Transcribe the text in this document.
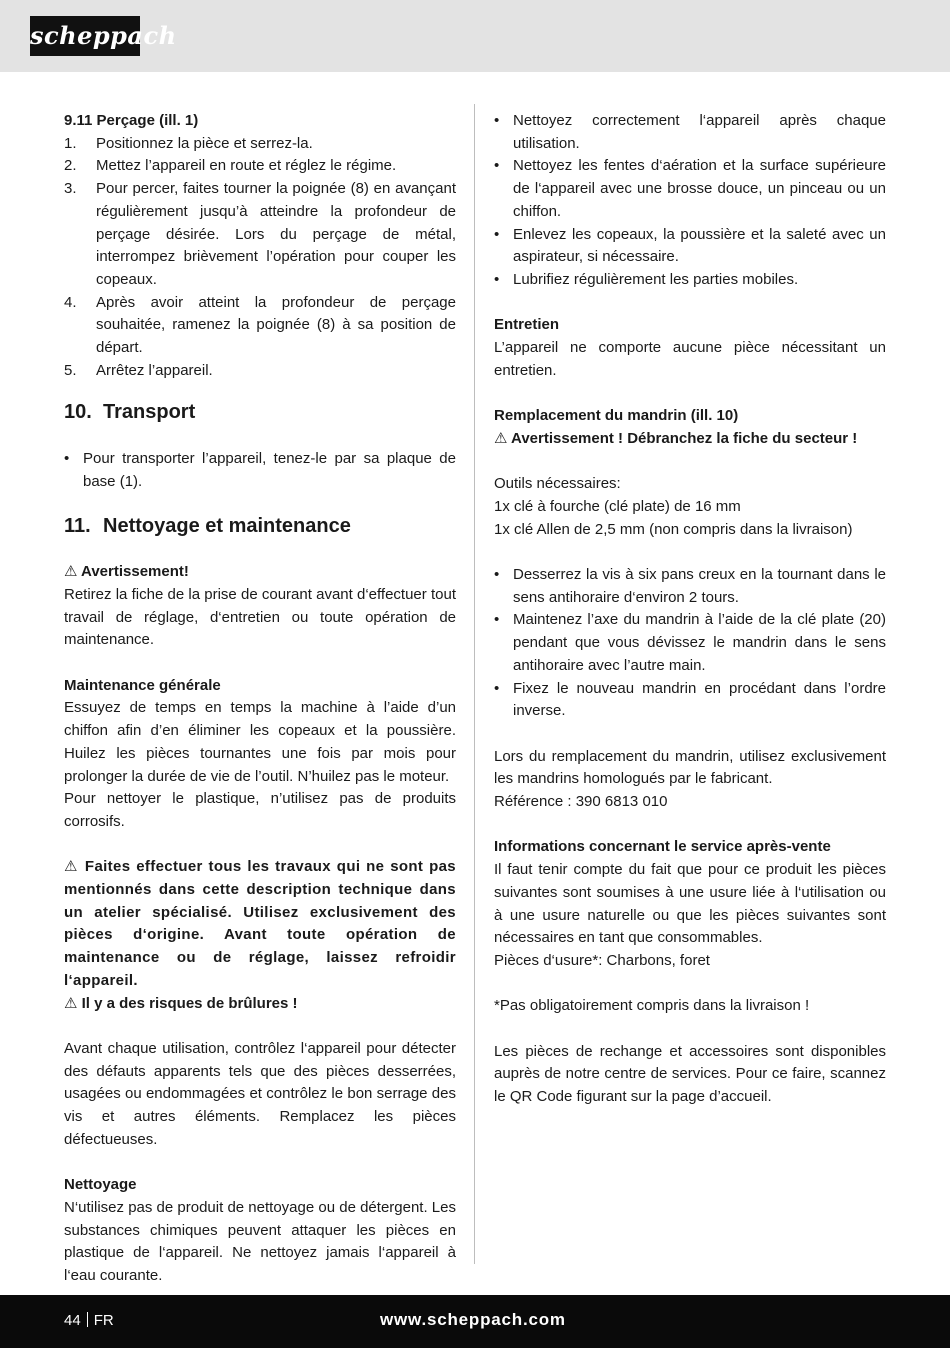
scheppach

9.11 Perçage (ill. 1)

1. Positionnez la pièce et serrez-la.
2. Mettez l’appareil en route et réglez le régime.
3. Pour percer, faites tourner la poignée (8) en avançant régulièrement jusqu’à atteindre la profondeur de perçage désirée. Lors du perçage de métal, interrompez brièvement l’opération pour couper les copeaux.
4. Après avoir atteint la profondeur de perçage souhaitée, ramenez la poignée (8) à sa position de départ.
5. Arrêtez l’appareil.

10. Transport

• Pour transporter l’appareil, tenez-le par sa plaque de base (1).

11. Nettoyage et maintenance

⚠ Avertissement!

Retirez la fiche de la prise de courant avant d‘effectuer tout travail de réglage, d‘entretien ou toute opération de maintenance.

Maintenance générale

Essuyez de temps en temps la machine à l’aide d’un chiffon afin d’en éliminer les copeaux et la poussière. Huilez les pièces tournantes une fois par mois pour prolonger la durée de vie de l’outil. N’huilez pas le moteur.

Pour nettoyer le plastique, n’utilisez pas de produits corrosifs.

⚠ Faites effectuer tous les travaux qui ne sont pas mentionnés dans cette description technique dans un atelier spécialisé. Utilisez exclusivement des pièces d‘origine. Avant toute opération de maintenance ou de réglage, laissez refroidir l‘appareil.

⚠ Il y a des risques de brûlures !

Avant chaque utilisation, contrôlez l‘appareil pour détecter des défauts apparents tels que des pièces desserrées, usagées ou endommagées et contrôlez le bon serrage des vis et autres éléments. Remplacez les pièces défectueuses.

Nettoyage

N‘utilisez pas de produit de nettoyage ou de détergent. Les substances chimiques peuvent attaquer les pièces en plastique de l‘appareil. Ne nettoyez jamais l‘appareil à l‘eau courante.

• Nettoyez correctement l‘appareil après chaque utilisation.
• Nettoyez les fentes d‘aération et la surface supérieure de l‘appareil avec une brosse douce, un pinceau ou un chiffon.
• Enlevez les copeaux, la poussière et la saleté avec un aspirateur, si nécessaire.
• Lubrifiez régulièrement les parties mobiles.

Entretien

L’appareil ne comporte aucune pièce nécessitant un entretien.

Remplacement du mandrin (ill. 10)

⚠ Avertissement ! Débranchez la fiche du secteur !

Outils nécessaires:

1x clé à fourche (clé plate) de 16 mm

1x clé Allen de 2,5 mm (non compris dans la livraison)

• Desserrez la vis à six pans creux en la tournant dans le sens antihoraire d‘environ 2 tours.
• Maintenez l’axe du mandrin à l’aide de la clé plate (20) pendant que vous dévissez le mandrin dans le sens antihoraire avec l’autre main.
• Fixez le nouveau mandrin en procédant dans l’ordre inverse.

Lors du remplacement du mandrin, utilisez exclusivement les mandrins homologués par le fabricant.

Référence : 390 6813 010

Informations concernant le service après-vente

Il faut tenir compte du fait que pour ce produit les pièces suivantes sont soumises à une usure liée à l‘utilisation ou à une usure naturelle ou que les pièces suivantes sont nécessaires en tant que consommables.

Pièces d‘usure*: Charbons, foret

*Pas obligatoirement compris dans la livraison !

Les pièces de rechange et accessoires sont disponibles auprès de notre centre de services. Pour ce faire, scannez le QR Code figurant sur la page d’accueil.

44 FR	www.scheppach.com
